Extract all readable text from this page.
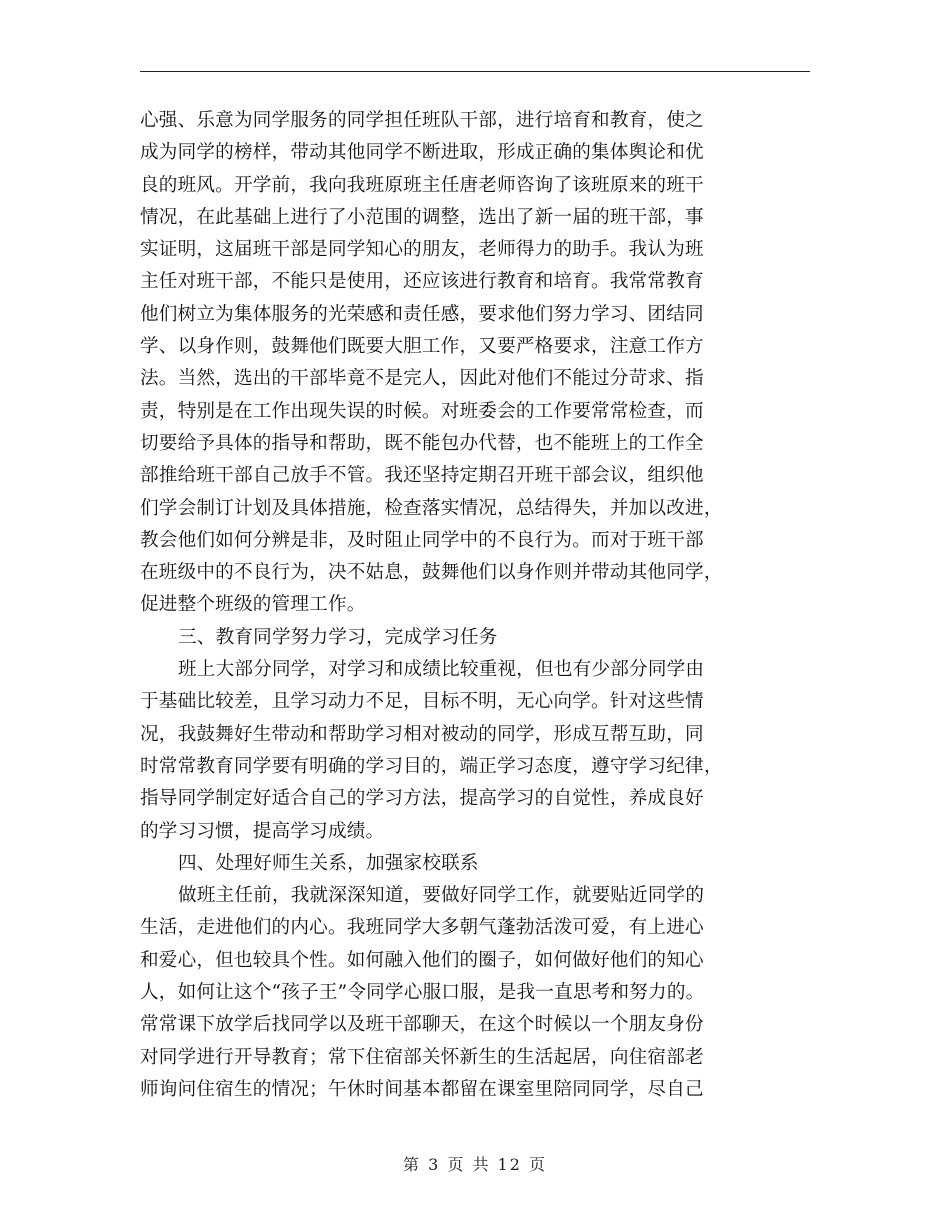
心强、乐意为同学服务的同学担任班队干部，进行培育和教育，使之
成为同学的榜样，带动其他同学不断进取，形成正确的集体舆论和优
良的班风。开学前，我向我班原班主任唐老师咨询了该班原来的班干
情况，在此基础上进行了小范围的调整，选出了新一届的班干部，事
实证明，这届班干部是同学知心的朋友，老师得力的助手。我认为班
主任对班干部，不能只是使用，还应该进行教育和培育。我常常教育
他们树立为集体服务的光荣感和责任感，要求他们努力学习、团结同
学、以身作则，鼓舞他们既要大胆工作，又要严格要求，注意工作方
法。当然，选出的干部毕竟不是完人，因此对他们不能过分苛求、指
责，特别是在工作出现失误的时候。对班委会的工作要常常检查，而
切要给予具体的指导和帮助，既不能包办代替，也不能班上的工作全
部推给班干部自己放手不管。我还坚持定期召开班干部会议，组织他
们学会制订计划及具体措施，检查落实情况，总结得失，并加以改进，
教会他们如何分辨是非，及时阻止同学中的不良行为。而对于班干部
在班级中的不良行为，决不姑息，鼓舞他们以身作则并带动其他同学，
促进整个班级的管理工作。
三、教育同学努力学习，完成学习任务
班上大部分同学，对学习和成绩比较重视，但也有少部分同学由
于基础比较差，且学习动力不足，目标不明，无心向学。针对这些情
况，我鼓舞好生带动和帮助学习相对被动的同学，形成互帮互助，同
时常常教育同学要有明确的学习目的，端正学习态度，遵守学习纪律，
指导同学制定好适合自己的学习方法，提高学习的自觉性，养成良好
的学习习惯，提高学习成绩。
四、处理好师生关系，加强家校联系
做班主任前，我就深深知道，要做好同学工作，就要贴近同学的
生活，走进他们的内心。我班同学大多朝气蓬勃活泼可爱，有上进心
和爱心，但也较具个性。如何融入他们的圈子，如何做好他们的知心
人，如何让这个“孩子王”令同学心服口服，是我一直思考和努力的。
常常课下放学后找同学以及班干部聊天，在这个时候以一个朋友身份
对同学进行开导教育；常下住宿部关怀新生的生活起居，向住宿部老
师询问住宿生的情况；午休时间基本都留在课室里陪同同学，尽自己
第 3 页 共 12 页
